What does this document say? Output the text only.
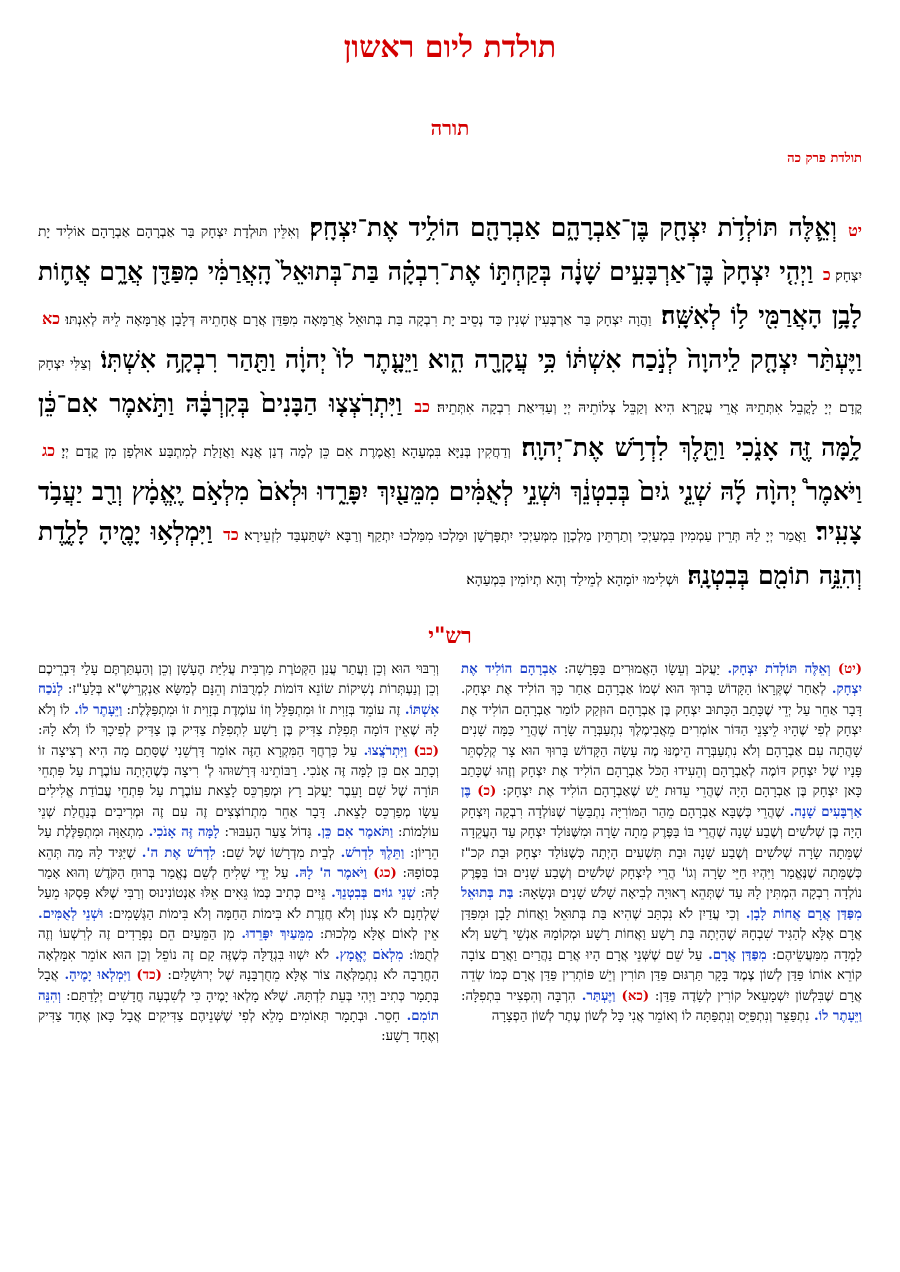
תולדת ליום ראשון
תורה
תולדת פרק כה
יט וְאֵ֛לֶּה תּוֹלְדֹ֥ת יִצְחָ֖ק בֶּן־אַבְרָהָ֑ם אַבְרָהָ֖ם הוֹלִ֥יד אֶת־יִצְחָֽק׃ וְאִלֵּין תּוּלְדָת יִצְחָק בַּר אַבְרָהָם אַבְרָהָם אוֹלִיד יָת יִצְחָק׃ כ וַיְהִ֤י יִצְחָק֙ בֶּן־אַרְבָּעִ֣ים שָׁנָ֔ה בְּקַחְתּ֣וֹ אֶת־רִבְקָ֗ה בַּת־בְּתוּאֵל֙ הָֽאֲרַמִּ֔י מִפַּדַּ֖ן אֲרָ֑ם אֲח֛וֹת לָבָ֥ן הָאֲרַמִּ֖י ל֥וֹ לְאִשָּֽׁה׃ וַהֲוָה יִצְחָק בַּר אַרְבְּעִין שְׁנִין כַּד נְסֵיב יָת רִבְקָה בַּת בְּתוּאֵל אֲרַמָּאָה מִפַּדַּן אֲרָם אֲחָתֵיהּ דְּלָבָן אֲרַמָּאָה לֵיהּ לְאִנְתּוּ׃ כא וַיֶּעְתַּ֨ר יִצְחָ֤ק לַֽיהוָה֙ לְנֹ֣כַח אִשְׁתּ֔וֹ כִּ֥י עֲקָרָ֖ה הִ֑וא וַיֵּעָ֤תֶר לוֹ֙ יְהוָ֔ה וַתַּ֖הַר רִבְקָ֥ה אִשְׁתּֽוֹ׃ וְצַלִּי יִצְחָק קֳדָם יְיָ לָקֳבֵל אִתְּתֵיהּ אֲרֵי עֲקָרָא הִיא וְקַבֵּל צְלוֹתֵיהּ יְיָ וְעַדִּיאַת רִבְקָה אִתְּתֵיהּ׃ כב וַיִּתְרֹֽצְצ֤וּ הַבָּנִים֙ בְּקִרְבָּ֔הּ וַתֹּ֣אמֶר אִם־כֵּ֔ן לָ֥מָּה זֶּ֖ה אָנֹ֑כִי וַתֵּ֖לֶךְ לִדְרֹ֥שׁ אֶת־יְהוָֽה׃ וְדַחֲקִין בְּנַיָּא בִּמְעָהָא וַאֲמֶרֶת אִם כֵּן לְמָה דְנַן אֲנָא וַאֲזָלַת לְמִתְבַּע אוּלְפַן מִן קֳדָם יְיָ׃ כג וַיֹּאמֶר֩ יְהוָ֨ה לָ֜הּ שְׁנֵ֤י גֹיִם֙ בְּבִטְנֵ֔ךְ וּשְׁנֵ֣י לְאֻמִּ֔ים מִמֵּעַ֖יִךְ יִפָּרֵ֑דוּ וּלְאֹם֙ מִלְאֹ֣ם יֶֽאֱמָ֔ץ וְרַ֖ב יַעֲבֹ֥ד צָעִֽיר׃ וַאֲמַר יְיָ לַהּ תְּרֵין עַמְמִין בִּמְעַיְכִי וְתַרְתֵּין מַלְכְוָן מִמְּעַיְכִי יִתְפָּרְשָׁן וּמַלְכוּ מִמַּלְכוּ יִתְקַף וְרַבָּא יִשְׁתַּעְבַּד לִזְעֵירָא׃ כד וַיִּמְלְא֥וּ יָמֶ֖יהָ לָלֶ֑דֶת וְהִנֵּ֥ה תוֹמִ֖ם בְּבִטְנָֽהּ׃ וּשְׁלִימוּ יוֹמָהָא לְמֵילַד וְהָא תְיוֹמִין בִּמְעַהָא׃
רש"י
(יט) וְאֵלֶּה תּוֹלְדֹת יִצְחָק. יַעֲקֹב וְעֵשָׂו הָאֲמוּרִים בַּפָּרָשָׁה: אַבְרָהָם הוֹלִיד אֶת יִצְחָק. לְאַחַר שֶׁקְּרָאוֹ הַקָּדוֹשׁ בָּרוּךְ הוּא שְׁמוֹ אַבְרָהָם אַחַר כָּךְ הוֹלִיד אֶת יִצְחָק. דָּבָר אַחֵר עַל יְדֵי שֶׁכָּתַב הַכָּתוּב יִצְחָק בֶּן אַבְרָהָם הוּזְקַק לוֹמַר אַבְרָהָם הוֹלִיד אֶת יִצְחָק לְפִי שֶׁהָיוּ לֵיצָנֵי הַדּוֹר אוֹמְרִים מֵאֲבִימֶלֶךְ נִתְעַבְּרָה שָׂרָה שֶׁהֲרֵי כַּמָּה שָׁנִים שָׁהֲתָה עִם אַבְרָהָם וְלֹא נִתְעַבְּרָה הֵימֶנּוּ מֶה עָשָׂה הַקָּדוֹשׁ בָּרוּךְ הוּא צָר קְלַסְתֵּר פָּנָיו שֶׁל יִצְחָק דּוֹמֶה לְאַבְרָהָם וְהֵעִידוּ הַכֹּל אַבְרָהָם הוֹלִיד אֶת יִצְחָק וְזֶהוּ שֶׁכָּתַב כָּאן יִצְחָק בֶּן אַבְרָהָם הָיָה שֶׁהֲרֵי עֵדוּת יֵשׁ שֶׁאַבְרָהָם הוֹלִיד אֶת יִצְחָק: (כ) בֶּן אַרְבָּעִים שָׁנָה. שֶׁהֲרֵי כְּשֶׁבָּא אַבְרָהָם מֵהַר הַמּוֹרִיָּה נִתְבַּשֵּׂר שֶׁנּוֹלְדָה רִבְקָה וְיִצְחָק הָיָה בֶּן שְׁלֹשִׁים וְשֶׁבַע שָׁנָה שֶׁהֲרֵי בּוֹ בַּפֶּרֶק מֵתָה שָׂרָה וּמִשֶּׁנּוֹלַד יִצְחָק עַד הָעֲקֵדָה שֶׁמֵּתָה שָׂרָה שְׁלֹשִׁים וְשֶׁבַע שָׁנָה וּבַת תִּשְׁעִים הָיְתָה כְּשֶׁנּוֹלַד יִצְחָק וּבַת קכ"ז כְּשֶׁמֵּתָה שֶׁנֶּאֱמַר וַיִּהְיוּ חַיֵּי שָׂרָה וְגוֹ' הֲרֵי לְיִצְחָק שְׁלֹשִׁים וְשֶׁבַע שָׁנִים וּבוֹ בַּפֶּרֶק נוֹלְדָה רִבְקָה הִמְתִּין לָהּ עַד שֶׁתְּהֵא רְאוּיָה לְבִיאָה שָׁלֹשׁ שָׁנִים וּנְשָׂאָהּ: בַּת בְּתוּאֵל מִפַּדַּן אֲרָם אֲחוֹת לָבָן. וְכִי עֲדַיִן לֹא נִכְתַּב שֶׁהִיא בַּת בְּתוּאֵל וַאֲחוֹת לָבָן וּמִפַּדַּן אֲרָם אֶלָּא לְהַגִּיד שִׁבְחָהּ שֶׁהָיְתָה בַּת רָשָׁע וַאֲחוֹת רָשָׁע וּמְקוֹמָהּ אַנְשֵׁי רֶשַׁע וְלֹא לָמְדָה מִמַּעֲשֵׂיהֶם: מִפַּדַּן אֲרָם. עַל שֵׁם שֶׁשְּׁנֵי אֲרָם הָיוּ אֲרַם נַהֲרַיִם וַאֲרַם צוֹבָה קוֹרֵא אוֹתוֹ פַּדַּן לְשׁוֹן צֶמֶד בָּקָר תַּרְגּוּם פַּדַּן תּוֹרִין וְיֵשׁ פּוֹתְרִין פַּדַּן אֲרָם כְּמוֹ שְׂדֵה אֲרָם שֶׁבִּלְשׁוֹן יִשְׁמָעֵאל קוֹרִין לְשָׂדֶה פַּדַּן: (כא) וַיֶּעְתַּר. הִרְבָּה וְהִפְצִיר בִּתְפִלָּה: וַיֵּעָתֶר לוֹ. נִתְפַּצֵּר וְנִתְפַּיֵּס וְנִתְפַּתָּה לוֹ וְאוֹמֵר אֲנִי כָּל לְשׁוֹן עֶתֶר לְשׁוֹן הַפְצָרָה
וְרִבּוּי הוּא וְכֵן וַעֲתַר עֲנַן הַקְּטֹרֶת מַרְבִּית עֲלִיַּת הֶעָשָׁן וְכֵן וְהַעְתַּרְתֶּם עָלַי דִּבְרֵיכֶם וְכֵן וְנַעְתְּרוֹת נְשִׁיקוֹת שׂוֹנֵא דּוֹמוֹת לִמְרֻבּוֹת וְהֵנָּם לְמַשָּׂא אַנְקְרֵישֶׁ"א בְּלַעַ"ז: לְנֹכַח אִשְׁתּוֹ. זֶה עוֹמֵד בְּזָוִית זוֹ וּמִתְפַּלֵּל וְזוֹ עוֹמֶדֶת בְּזָוִית זוֹ וּמִתְפַּלֶּלֶת: וַיֵּעָתֶר לוֹ. לוֹ וְלֹא לָהּ שֶׁאֵין דּוֹמָה תְּפִלַּת צַדִּיק בֶּן רָשָׁע לִתְפִלַּת צַדִּיק בֶּן צַדִּיק לְפִיכָךְ לוֹ וְלֹא לָהּ: (כב) וַיִּתְרֹצֲצוּ. עַל כָּרְחֲךָ הַמִּקְרָא הַזֶּה אוֹמֵר דָּרְשֵׁנִי שֶׁסָּתַם מָה הִיא רְצִיצָה זוֹ וְכָתַב אִם כֵּן לָמָּה זֶּה אָנֹכִי. רַבּוֹתֵינוּ דְּרָשׁוּהוּ לְ' רִיצָה כְּשֶׁהָיְתָה עוֹבֶרֶת עַל פִּתְחֵי תּוֹרָה שֶׁל שֵׁם וָעֵבֶר יַעֲקֹב רָץ וּמְפַרְכֵּס לָצֵאת עוֹבֶרֶת עַל פִּתְחֵי עֲבוֹדַת אֱלִילִים עֵשָׂו מְפַרְכֵּס לָצֵאת. דָּבָר אַחֵר מִתְרוֹצְצִים זֶה עִם זֶה וּמְרִיבִים בְּנַחֲלַת שְׁנֵי עוֹלָמוֹת: וַתֹּאמֶר אִם כֵּן. גָּדוֹל צַעַר הָעִבּוּר: לָמָּה זֶּה אָנֹכִי. מִתְאַוָּה וּמִתְפַּלֶּלֶת עַל הֵרָיוֹן: וַתֵּלֶךְ לִדְרֹשׁ. לְבֵית מִדְרָשׁוֹ שֶׁל שֵׁם: לִדְרֹשׁ אֶת ה'. שֶׁיַּגִּיד לָהּ מַה תְּהֵא בְּסוֹפָהּ: (כג) וַיֹּאמֶר ה' לָהּ. עַל יְדֵי שָׁלִיחַ לְשֵׁם נֶאֱמַר בְּרוּחַ הַקֹּדֶשׁ וְהוּא אָמַר לָהּ: שְׁנֵי גוֹיִם בְּבִטְנֵךְ. גֵּיִים כְּתִיב כְּמוֹ גֵּאִים אֵלּוּ אַנְטוֹנִינוּס וְרַבִּי שֶׁלֹּא פָּסְקוּ מֵעַל שֻׁלְחָנָם לֹא צְנוֹן וְלֹא חֲזֶרֶת לֹא בִּימוֹת הַחַמָּה וְלֹא בִּימוֹת הַגְּשָׁמִים: וּשְׁנֵי לְאֻמִּים. אֵין לְאוֹם אֶלָּא מַלְכוּת: מִמֵּעַיִךְ יִפָּרֵדוּ. מִן הַמֵּעַיִם הֵם נִפְרָדִים זֶה לְרִשְׁעוֹ וְזֶה לְתֻמּוֹ: מִלְאֹם יֶאֱמָץ. לֹא יִשְׁווּ בִּגְדֻלָּה כְּשֶׁזֶּה קָם זֶה נוֹפֵל וְכֵן הוּא אוֹמֵר אִמָּלְאָה הָחֳרָבָה לֹא נִתְמַלְּאָה צוֹר אֶלָּא מֵחֻרְבָּנָהּ שֶׁל יְרוּשָׁלַיִם: (כד) וַיִּמְלְאוּ יָמֶיהָ. אֲבָל בְּתָמָר כְּתִיב וַיְהִי בְּעֵת לִדְתָּהּ. שֶׁלֹּא מָלְאוּ יָמֶיהָ כִּי לְשִׁבְעָה חֳדָשִׁים יְלָדַתַּם: וְהִנֵּה תוֹמִם. חָסֵר. וּבְתָמָר תְּאוֹמִים מָלֵא לְפִי שֶׁשְּׁנֵיהֶם צַדִּיקִים אֲבָל כָּאן אֶחָד צַדִּיק וְאֶחָד רָשָׁע:
